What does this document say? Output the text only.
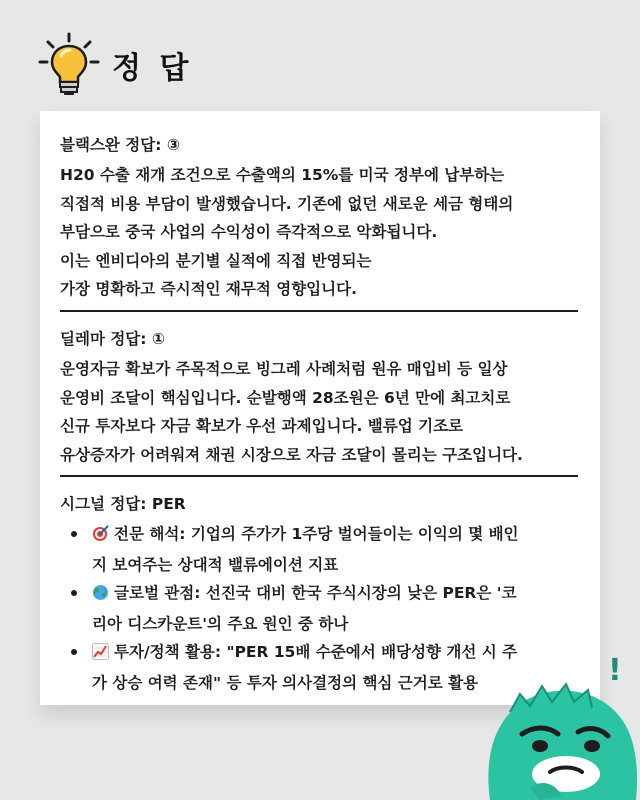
정 답
블랙스완 정답: ③

H20 수출 재개 조건으로 수출액의 15%를 미국 정부에 납부하는

직접적 비용 부담이 발생했습니다. 기존에 없던 새로운 세금 형태의

부담으로 중국 사업의 수익성이 즉각적으로 악화됩니다.

이는 엔비디아의 분기별 실적에 직접 반영되는

가장 명확하고 즉시적인 재무적 영향입니다.

딜레마 정답: ①

운영자금 확보가 주목적으로 빙그레 사례처럼 원유 매입비 등 일상

운영비 조달이 핵심입니다. 순발행액 28조원은 6년 만에 최고치로

신규 투자보다 자금 확보가 우선 과제입니다. 밸류업 기조로

유상증자가 어려워져 채권 시장으로 자금 조달이 몰리는 구조입니다.

시그널 정답: PER
전문 해석: 기업의 주가가 1주당 벌어들이는 이익의 몇 배인
지 보여주는 상대적 밸류에이션 지표
글로벌 관점: 선진국 대비 한국 주식시장의 낮은 PER은 '코
리아 디스카운트'의 주요 원인 중 하나
투자/정책 활용: "PER 15배 수준에서 배당성향 개선 시 주
가 상승 여력 존재" 등 투자 의사결정의 핵심 근거로 활용	!
